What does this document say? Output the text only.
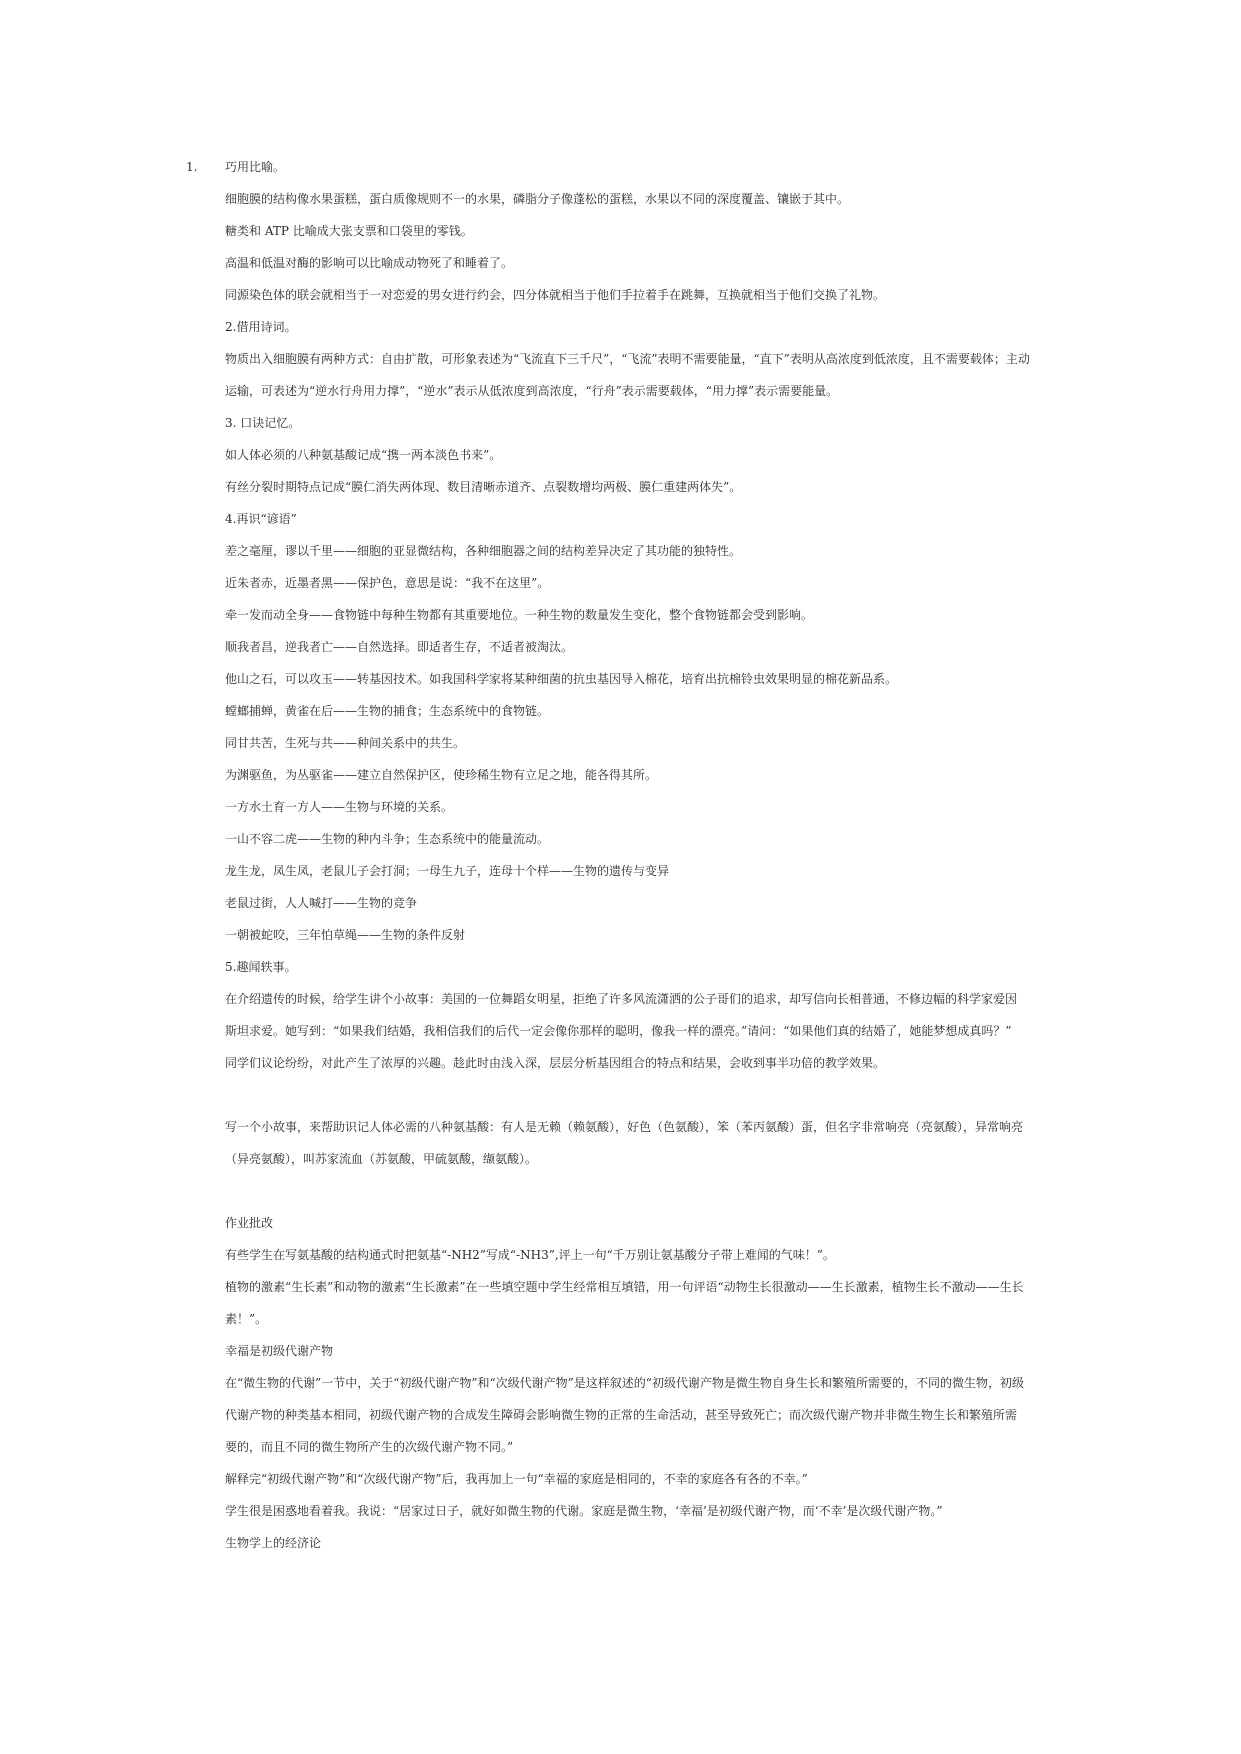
1. 巧用比喻。
细胞膜的结构像水果蛋糕，蛋白质像规则不一的水果，磷脂分子像蓬松的蛋糕，水果以不同的深度覆盖、镶嵌于其中。
糖类和 ATP 比喻成大张支票和口袋里的零钱。
高温和低温对酶的影响可以比喻成动物死了和睡着了。
同源染色体的联会就相当于一对恋爱的男女进行约会，四分体就相当于他们手拉着手在跳舞，互换就相当于他们交换了礼物。
2.借用诗词。
物质出入细胞膜有两种方式：自由扩散，可形象表述为“飞流直下三千尺”，“飞流”表明不需要能量，“直下”表明从高浓度到低浓度，且不需要载体；主动
运输，可表述为“逆水行舟用力撑”，“逆水”表示从低浓度到高浓度，“行舟”表示需要载体，“用力撑”表示需要能量。
3. 口诀记忆。
如人体必须的八种氨基酸记成“携一两本淡色书来”。
有丝分裂时期特点记成“膜仁消失两体现、数目清晰赤道齐、点裂数增均两极、膜仁重建两体失”。
4.再识“谚语”
差之毫厘，谬以千里——细胞的亚显微结构，各种细胞器之间的结构差异决定了其功能的独特性。
近朱者赤，近墨者黑——保护色，意思是说：“我不在这里”。
牵一发而动全身——食物链中每种生物都有其重要地位。一种生物的数量发生变化，整个食物链都会受到影响。
顺我者昌，逆我者亡——自然选择。即适者生存，不适者被淘汰。
他山之石，可以攻玉——转基因技术。如我国科学家将某种细菌的抗虫基因导入棉花，培育出抗棉铃虫效果明显的棉花新品系。
螳螂捕蝉，黄雀在后——生物的捕食；生态系统中的食物链。
同甘共苦，生死与共——种间关系中的共生。
为渊驱鱼，为丛驱雀——建立自然保护区，使珍稀生物有立足之地，能各得其所。
一方水土育一方人——生物与环境的关系。
一山不容二虎——生物的种内斗争；生态系统中的能量流动。
龙生龙，凤生凤，老鼠儿子会打洞；一母生九子，连母十个样——生物的遗传与变异
老鼠过街，人人喊打——生物的竞争
一朝被蛇咬，三年怕草绳——生物的条件反射
5.趣闻轶事。
在介绍遗传的时候，给学生讲个小故事：美国的一位舞蹈女明星，拒绝了许多风流潇洒的公子哥们的追求，却写信向长相普通，不修边幅的科学家爱因
斯坦求爱。她写到：“如果我们结婚，我相信我们的后代一定会像你那样的聪明，像我一样的漂亮。”请问：“如果他们真的结婚了，她能梦想成真吗？”
同学们议论纷纷，对此产生了浓厚的兴趣。趁此时由浅入深，层层分析基因组合的特点和结果，会收到事半功倍的教学效果。
写一个小故事，来帮助识记人体必需的八种氨基酸：有人是无赖（赖氨酸），好色（色氨酸），笨（苯丙氨酸）蛋，但名字非常响亮（亮氨酸），异常响亮
（异亮氨酸），叫苏家流血（苏氨酸，甲硫氨酸，缬氨酸）。
作业批改
有些学生在写氨基酸的结构通式时把氨基“-NH2”写成“-NH3”,评上一句“千万别让氨基酸分子带上难闻的气味！”。
植物的激素“生长素”和动物的激素“生长激素”在一些填空题中学生经常相互填错，用一句评语“动物生长很激动——生长激素，植物生长不激动——生长
素！”。
幸福是初级代谢产物
在“微生物的代谢”一节中，关于“初级代谢产物”和“次级代谢产物”是这样叙述的“初级代谢产物是微生物自身生长和繁殖所需要的，不同的微生物，初级
代谢产物的种类基本相同，初级代谢产物的合成发生障碍会影响微生物的正常的生命活动，甚至导致死亡；而次级代谢产物并非微生物生长和繁殖所需
要的，而且不同的微生物所产生的次级代谢产物不同。”
解释完“初级代谢产物”和“次级代谢产物”后，我再加上一句“幸福的家庭是相同的，不幸的家庭各有各的不幸。”
学生很是困惑地看着我。我说：“居家过日子，就好如微生物的代谢。家庭是微生物，‘幸福’是初级代谢产物，而‘不幸’是次级代谢产物。”
生物学上的经济论
